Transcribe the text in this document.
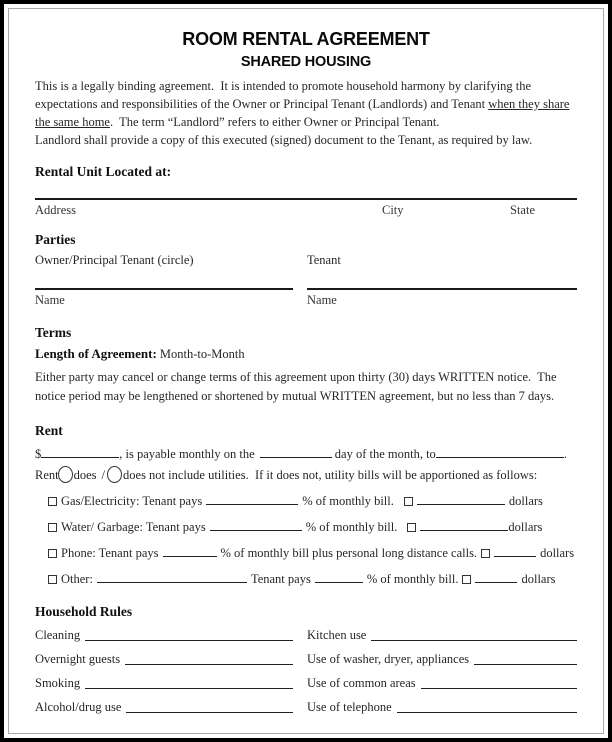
ROOM RENTAL AGREEMENT
SHARED HOUSING

This is a legally binding agreement.  It is intended to promote household harmony by clarifying the expectations and responsibilities of the Owner or Principal Tenant (Landlords) and Tenant when they share the same home.  The term “Landlord” refers to either Owner or Principal Tenant.
Landlord shall provide a copy of this executed (signed) document to the Tenant, as required by law.

Rental Unit Located at:
Address	City	State
Parties
Owner/Principal Tenant (circle)	Tenant
Name	Name
Terms
Length of Agreement: Month-to-Month

Either party may cancel or change terms of this agreement upon thirty (30) days WRITTEN notice.  The notice period may be lengthened or shortened by mutual WRITTEN agreement, but no less than 7 days.

Rent
$	, is payable monthly on the	day of the month, to	.
Rent does / does not include utilities.  If it does not, utility bills will be apportioned as follows:
Gas/Electricity: Tenant pays	% of monthly bill.	dollars
Water/ Garbage: Tenant pays	% of monthly bill.	dollars
Phone: Tenant pays	% of monthly bill plus personal long distance calls.	dollars
Other:	Tenant pays	% of monthly bill.	dollars
Household Rules
Cleaning	Kitchen use
Overnight guests	Use of washer, dryer, appliances
Smoking	Use of common areas
Alcohol/drug use	Use of telephone
